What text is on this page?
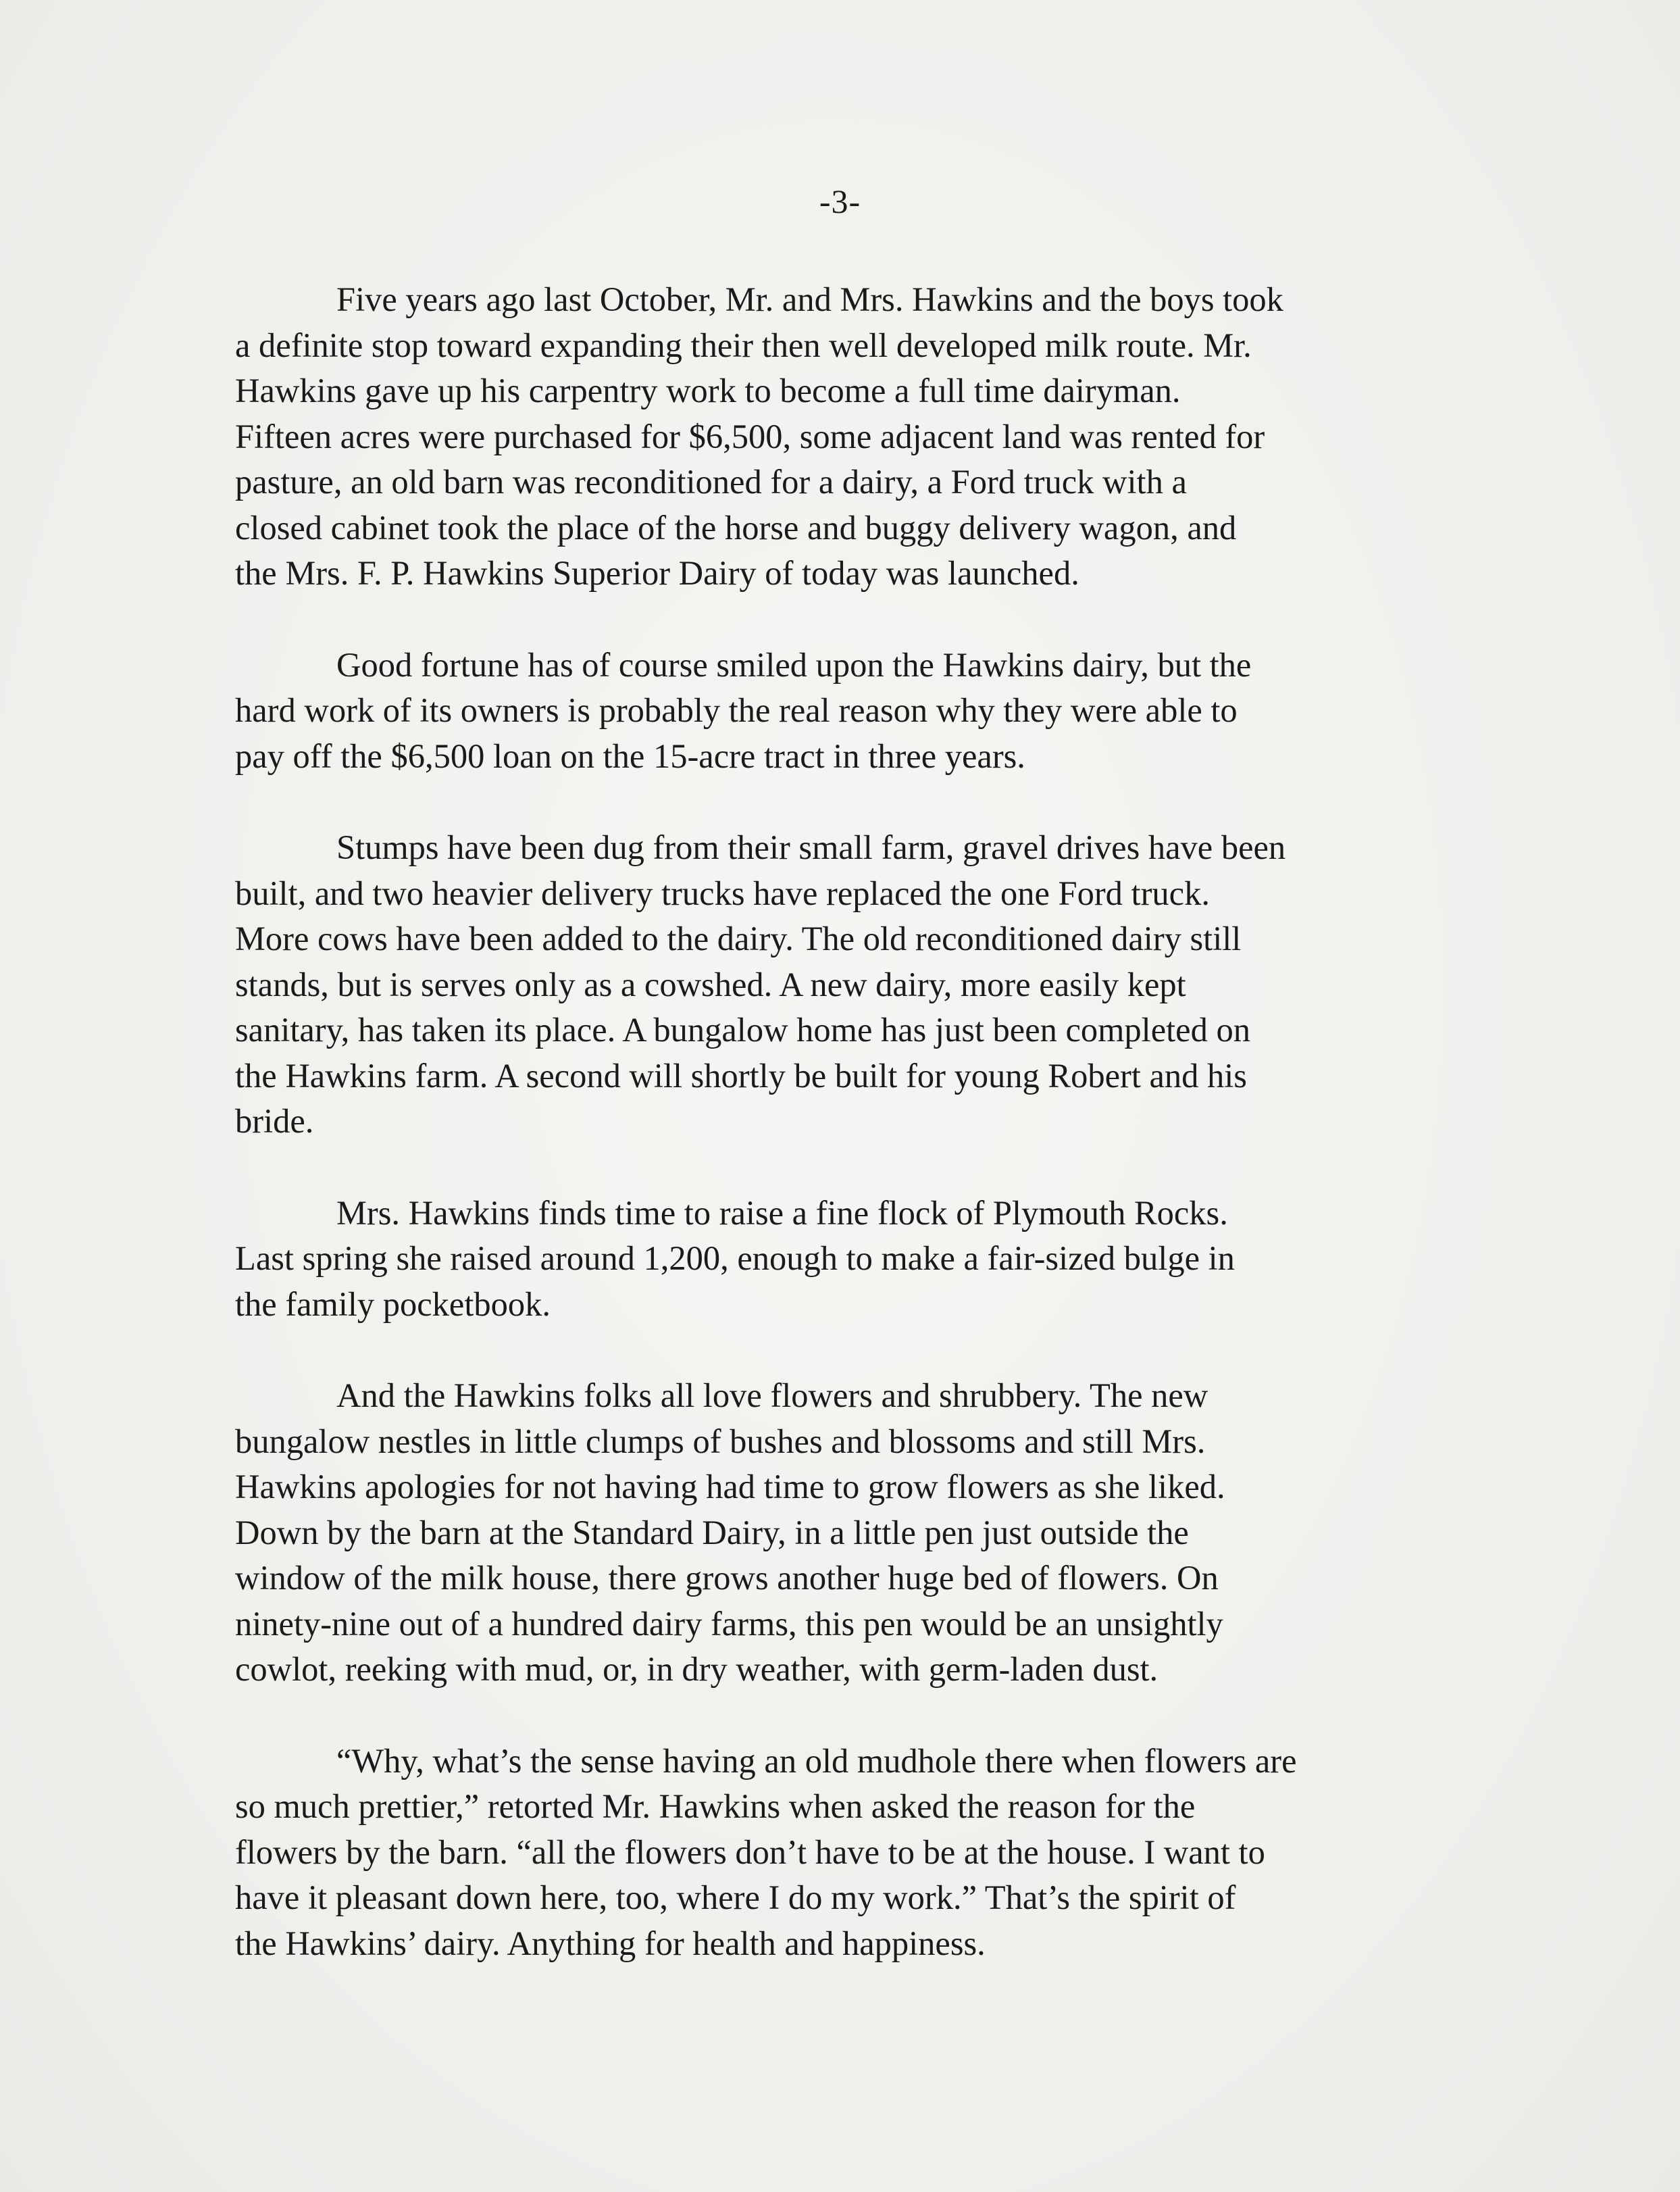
-3-

Five years ago last October, Mr. and Mrs. Hawkins and the boys took
a definite stop toward expanding their then well developed milk route. Mr.
Hawkins gave up his carpentry work to become a full time dairyman.
Fifteen acres were purchased for $6,500, some adjacent land was rented for
pasture, an old barn was reconditioned for a dairy, a Ford truck with a
closed cabinet took the place of the horse and buggy delivery wagon, and
the Mrs. F. P. Hawkins Superior Dairy of today was launched.

Good fortune has of course smiled upon the Hawkins dairy, but the
hard work of its owners is probably the real reason why they were able to
pay off the $6,500 loan on the 15-acre tract in three years.

Stumps have been dug from their small farm, gravel drives have been
built, and two heavier delivery trucks have replaced the one Ford truck.
More cows have been added to the dairy. The old reconditioned dairy still
stands, but is serves only as a cowshed. A new dairy, more easily kept
sanitary, has taken its place. A bungalow home has just been completed on
the Hawkins farm. A second will shortly be built for young Robert and his
bride.

Mrs. Hawkins finds time to raise a fine flock of Plymouth Rocks.
Last spring she raised around 1,200, enough to make a fair-sized bulge in
the family pocketbook.

And the Hawkins folks all love flowers and shrubbery. The new
bungalow nestles in little clumps of bushes and blossoms and still Mrs.
Hawkins apologies for not having had time to grow flowers as she liked.
Down by the barn at the Standard Dairy, in a little pen just outside the
window of the milk house, there grows another huge bed of flowers. On
ninety-nine out of a hundred dairy farms, this pen would be an unsightly
cowlot, reeking with mud, or, in dry weather, with germ-laden dust.

“Why, what’s the sense having an old mudhole there when flowers are
so much prettier,” retorted Mr. Hawkins when asked the reason for the
flowers by the barn. “all the flowers don’t have to be at the house. I want to
have it pleasant down here, too, where I do my work.” That’s the spirit of
the Hawkins’ dairy. Anything for health and happiness.
